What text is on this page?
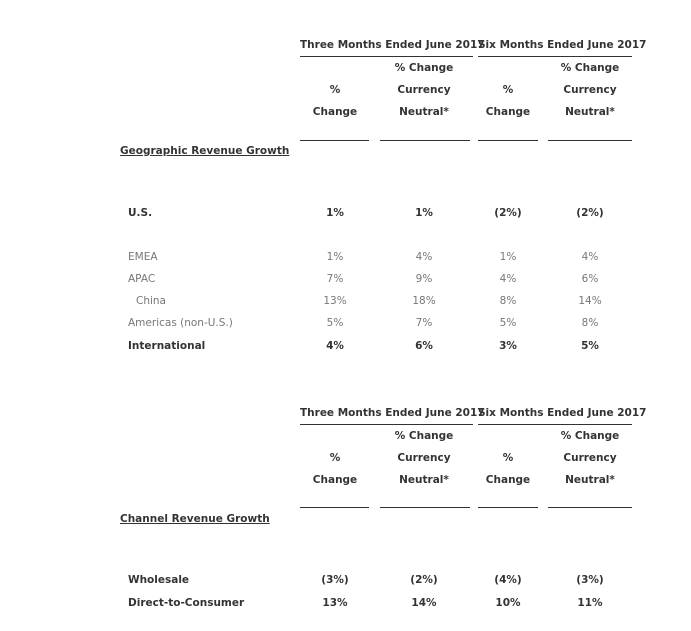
Three Months Ended June 2017
Six Months Ended June 2017
% Change	% Change
%	Currency	%	Currency
Change	Neutral*	Change	Neutral*
Geographic Revenue Growth
U.S.	1%	1%	(2%)	(2%)
EMEA	1%	4%	1%	4%
APAC	7%	9%	4%	6%
China	13%	18%	8%	14%
Americas (non-U.S.)	5%	7%	5%	8%
International	4%	6%	3%	5%
Three Months Ended June 2017
Six Months Ended June 2017
% Change	% Change
%	Currency	%	Currency
Change	Neutral*	Change	Neutral*
Channel Revenue Growth
Wholesale	(3%)	(2%)	(4%)	(3%)
Direct-to-Consumer	13%	14%	10%	11%
